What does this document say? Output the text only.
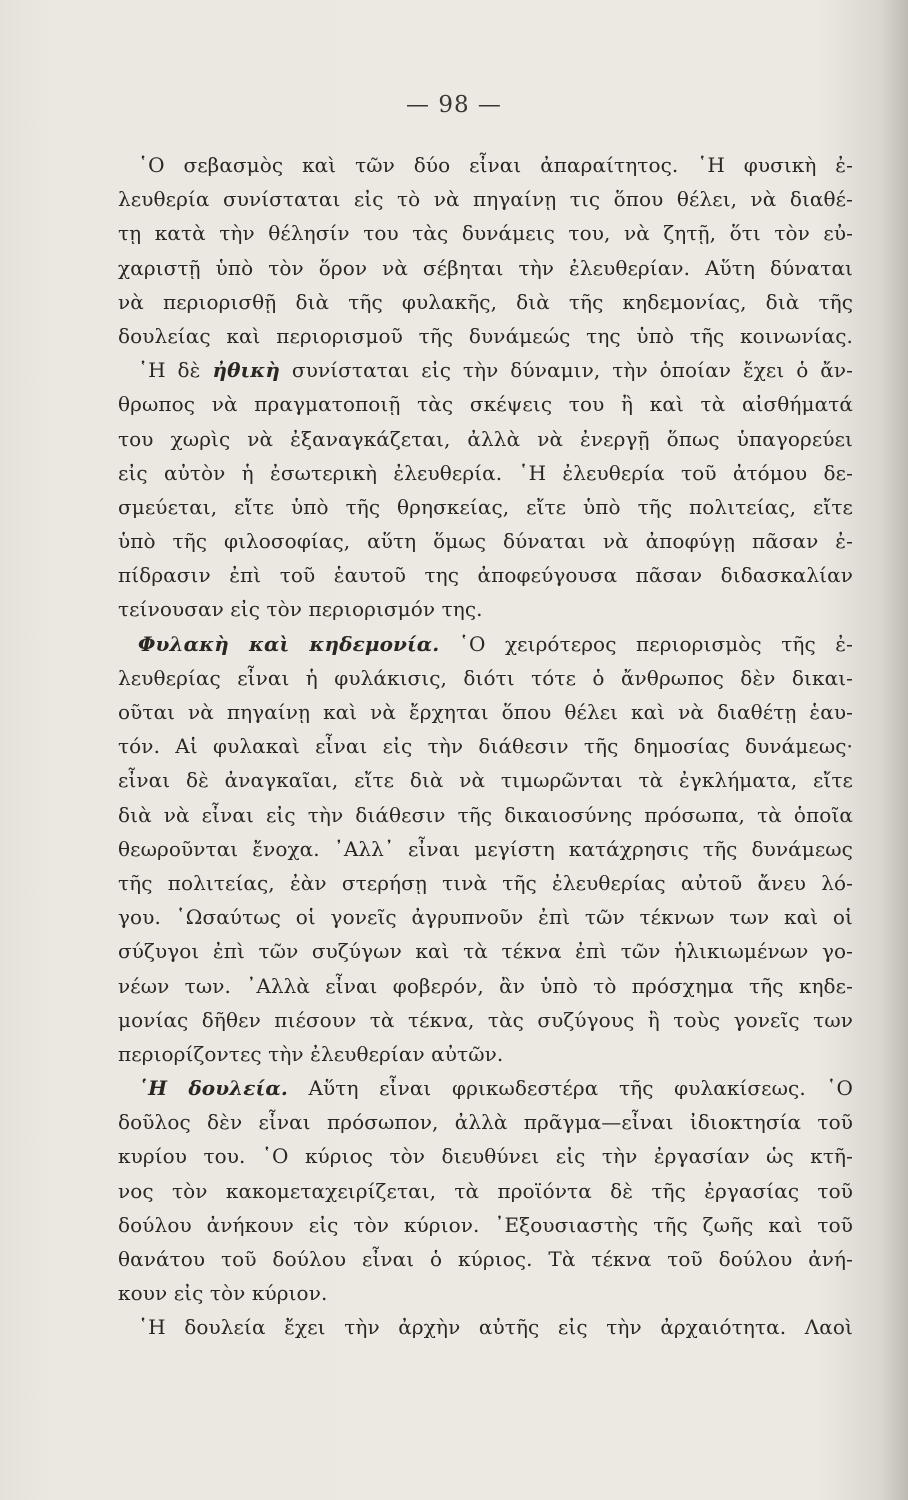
— 98 —
῾Ο σεβασμὸς καὶ τῶν δύο εἶναι ἀπαραίτητος. ῾Η φυσικὴ ἐ-
λευθερία συνίσταται εἰς τὸ νὰ πηγαίνῃ τις ὅπου θέλει, νὰ διαθέ-
τῃ κατὰ τὴν θέλησίν του τὰς δυνάμεις του, νὰ ζητῇ, ὅτι τὸν εὐ-
χαριστῇ ὑπὸ τὸν ὅρον νὰ σέβηται τὴν ἐλευθερίαν. Αὕτη δύναται
νὰ περιορισθῇ διὰ τῆς φυλακῆς, διὰ τῆς κηδεμονίας, διὰ τῆς
δουλείας καὶ περιορισμοῦ τῆς δυνάμεώς της ὑπὸ τῆς κοινωνίας.
῾Η δὲ ἠθικὴ συνίσταται εἰς τὴν δύναμιν, τὴν ὁποίαν ἔχει ὁ ἄν-
θρωπος νὰ πραγματοποιῇ τὰς σκέψεις του ἢ καὶ τὰ αἰσθήματά
του χωρὶς νὰ ἐξαναγκάζεται, ἀλλὰ νὰ ἐνεργῇ ὅπως ὑπαγορεύει
εἰς αὐτὸν ἡ ἐσωτερικὴ ἐλευθερία. ῾Η ἐλευθερία τοῦ ἀτόμου δε-
σμεύεται, εἴτε ὑπὸ τῆς θρησκείας, εἴτε ὑπὸ τῆς πολιτείας, εἴτε
ὑπὸ τῆς φιλοσοφίας, αὕτη ὅμως δύναται νὰ ἀποφύγῃ πᾶσαν ἐ-
πίδρασιν ἐπὶ τοῦ ἑαυτοῦ της ἀποφεύγουσα πᾶσαν διδασκαλίαν
τείνουσαν εἰς τὸν περιορισμόν της.
Φυλακὴ καὶ κηδεμονία. ῾Ο χειρότερος περιορισμὸς τῆς ἐ-
λευθερίας εἶναι ἡ φυλάκισις, διότι τότε ὁ ἄνθρωπος δὲν δικαι-
οῦται νὰ πηγαίνῃ καὶ νὰ ἔρχηται ὅπου θέλει καὶ νὰ διαθέτῃ ἑαυ-
τόν. Αἱ φυλακαὶ εἶναι εἰς τὴν διάθεσιν τῆς δημοσίας δυνάμεως·
εἶναι δὲ ἀναγκαῖαι, εἴτε διὰ νὰ τιμωρῶνται τὰ ἐγκλήματα, εἴτε
διὰ νὰ εἶναι εἰς τὴν διάθεσιν τῆς δικαιοσύνης πρόσωπα, τὰ ὁποῖα
θεωροῦνται ἔνοχα. ᾿Αλλ᾽ εἶναι μεγίστη κατάχρησις τῆς δυνάμεως
τῆς πολιτείας, ἐὰν στερήσῃ τινὰ τῆς ἐλευθερίας αὐτοῦ ἄνευ λό-
γου. ῾Ωσαύτως οἱ γονεῖς ἀγρυπνοῦν ἐπὶ τῶν τέκνων των καὶ οἱ
σύζυγοι ἐπὶ τῶν συζύγων καὶ τὰ τέκνα ἐπὶ τῶν ἡλικιωμένων γο-
νέων των. ᾿Αλλὰ εἶναι φοβερόν, ἂν ὑπὸ τὸ πρόσχημα τῆς κηδε-
μονίας δῆθεν πιέσουν τὰ τέκνα, τὰς συζύγους ἢ τοὺς γονεῖς των
περιορίζοντες τὴν ἐλευθερίαν αὐτῶν.
῾Η δουλεία. Αὕτη εἶναι φρικωδεστέρα τῆς φυλακίσεως. ῾Ο
δοῦλος δὲν εἶναι πρόσωπον, ἀλλὰ πρᾶγμα—εἶναι ἰδιοκτησία τοῦ
κυρίου του. ῾Ο κύριος τὸν διευθύνει εἰς τὴν ἐργασίαν ὡς κτῆ-
νος τὸν κακομεταχειρίζεται, τὰ προϊόντα δὲ τῆς ἐργασίας τοῦ
δούλου ἀνήκουν εἰς τὸν κύριον. ᾿Εξουσιαστὴς τῆς ζωῆς καὶ τοῦ
θανάτου τοῦ δούλου εἶναι ὁ κύριος. Τὰ τέκνα τοῦ δούλου ἀνή-
κουν εἰς τὸν κύριον.
῾Η δουλεία ἔχει τὴν ἀρχὴν αὐτῆς εἰς τὴν ἀρχαιότητα. Λαοὶ
